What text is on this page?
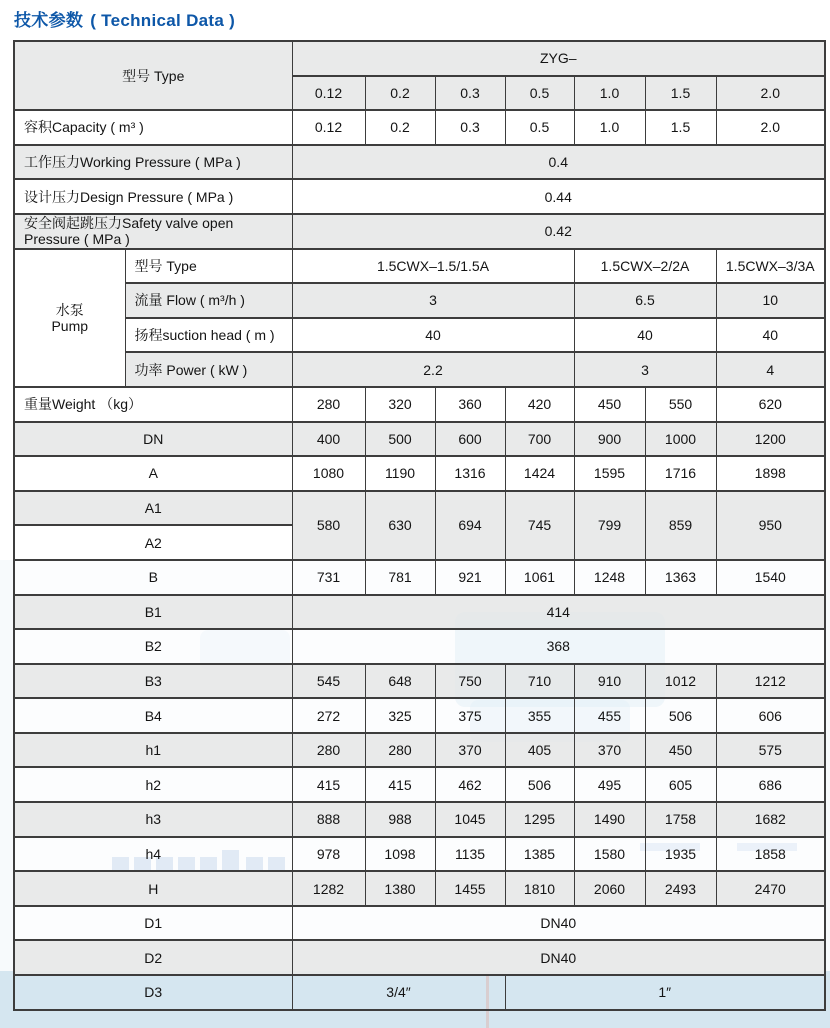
技术参数 ( Technical Data )
型号 Type		ZYG–						
		0.12	0.2	0.3	0.5	1.0	1.5	2.0
容积Capacity ( m³ )		0.12	0.2	0.3	0.5	1.0	1.5	2.0
工作压力Working Pressure ( MPa )		0.4						
设计压力Design Pressure ( MPa )		0.44						
安全阀起跳压力Safety valve open
Pressure ( MPa )		0.42						
水泵
Pump	型号 Type	1.5CWX–1.5/1.5A				1.5CWX–2/2A		1.5CWX–3/3A
	流量 Flow ( m³/h )	3				6.5		10
	扬程suction head ( m )	40				40		40
	功率 Power ( kW )	2.2				3		4
重量Weight （kg）		280	320	360	420	450	550	620
DN		400	500	600	700	900	1000	1200
A		1080	1190	1316	1424	1595	1716	1898
A1		580	630	694	745	799	859	950
A2								
B		731	781	921	1061	1248	1363	1540
B1		414						
B2		368						
B3		545	648	750	710	910	1012	1212
B4		272	325	375	355	455	506	606
h1		280	280	370	405	370	450	575
h2		415	415	462	506	495	605	686
h3		888	988	1045	1295	1490	1758	1682
h4		978	1098	1135	1385	1580	1935	1858
H		1282	1380	1455	1810	2060	2493	2470
D1		DN40						
D2		DN40						
D3		3/4″			1″			
